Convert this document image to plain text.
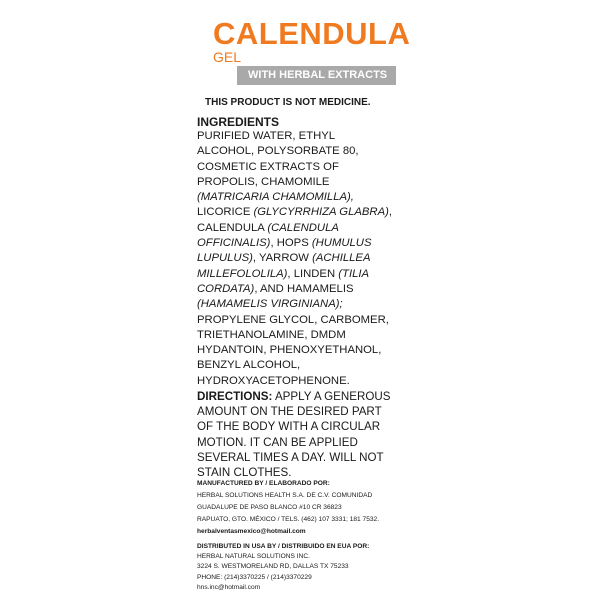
CALENDULA
GEL
WITH HERBAL EXTRACTS
THIS PRODUCT IS NOT MEDICINE.
INGREDIENTS
PURIFIED WATER, ETHYL
ALCOHOL, POLYSORBATE 80,
COSMETIC EXTRACTS OF
PROPOLIS, CHAMOMILE
(MATRICARIA CHAMOMILLA),
LICORICE (GLYCYRRHIZA GLABRA),
CALENDULA (CALENDULA
OFFICINALIS), HOPS (HUMULUS
LUPULUS), YARROW (ACHILLEA
MILLEFOLOLILA), LINDEN (TILIA
CORDATA), AND HAMAMELIS
(HAMAMELIS VIRGINIANA);
PROPYLENE GLYCOL, CARBOMER,
TRIETHANOLAMINE, DMDM
HYDANTOIN, PHENOXYETHANOL,
BENZYL ALCOHOL,
HYDROXYACETOPHENONE.
DIRECTIONS: APPLY A GENEROUS
AMOUNT ON THE DESIRED PART
OF THE BODY WITH A CIRCULAR
MOTION. IT CAN BE APPLIED
SEVERAL TIMES A DAY. WILL NOT
STAIN CLOTHES.
MANUFACTURED BY / ELABORADO POR:
HERBAL SOLUTIONS HEALTH S.A. DE C.V. COMUNIDAD
GUADALUPE DE PASO BLANCO #10 CR 36823
RAPUATO, GTO. MÉXICO / TELS. (462) 107 3331; 181 7532.
herbalventasmexico@hotmail.com
DISTRIBUTED IN USA BY / DISTRIBUIDO EN EUA POR:
HERBAL NATURAL SOLUTIONS INC.
3224 S. WESTMORELAND RD, DALLAS TX 75233
PHONE: (214)3370225 / (214)3370229
hns.inc@hotmail.com
